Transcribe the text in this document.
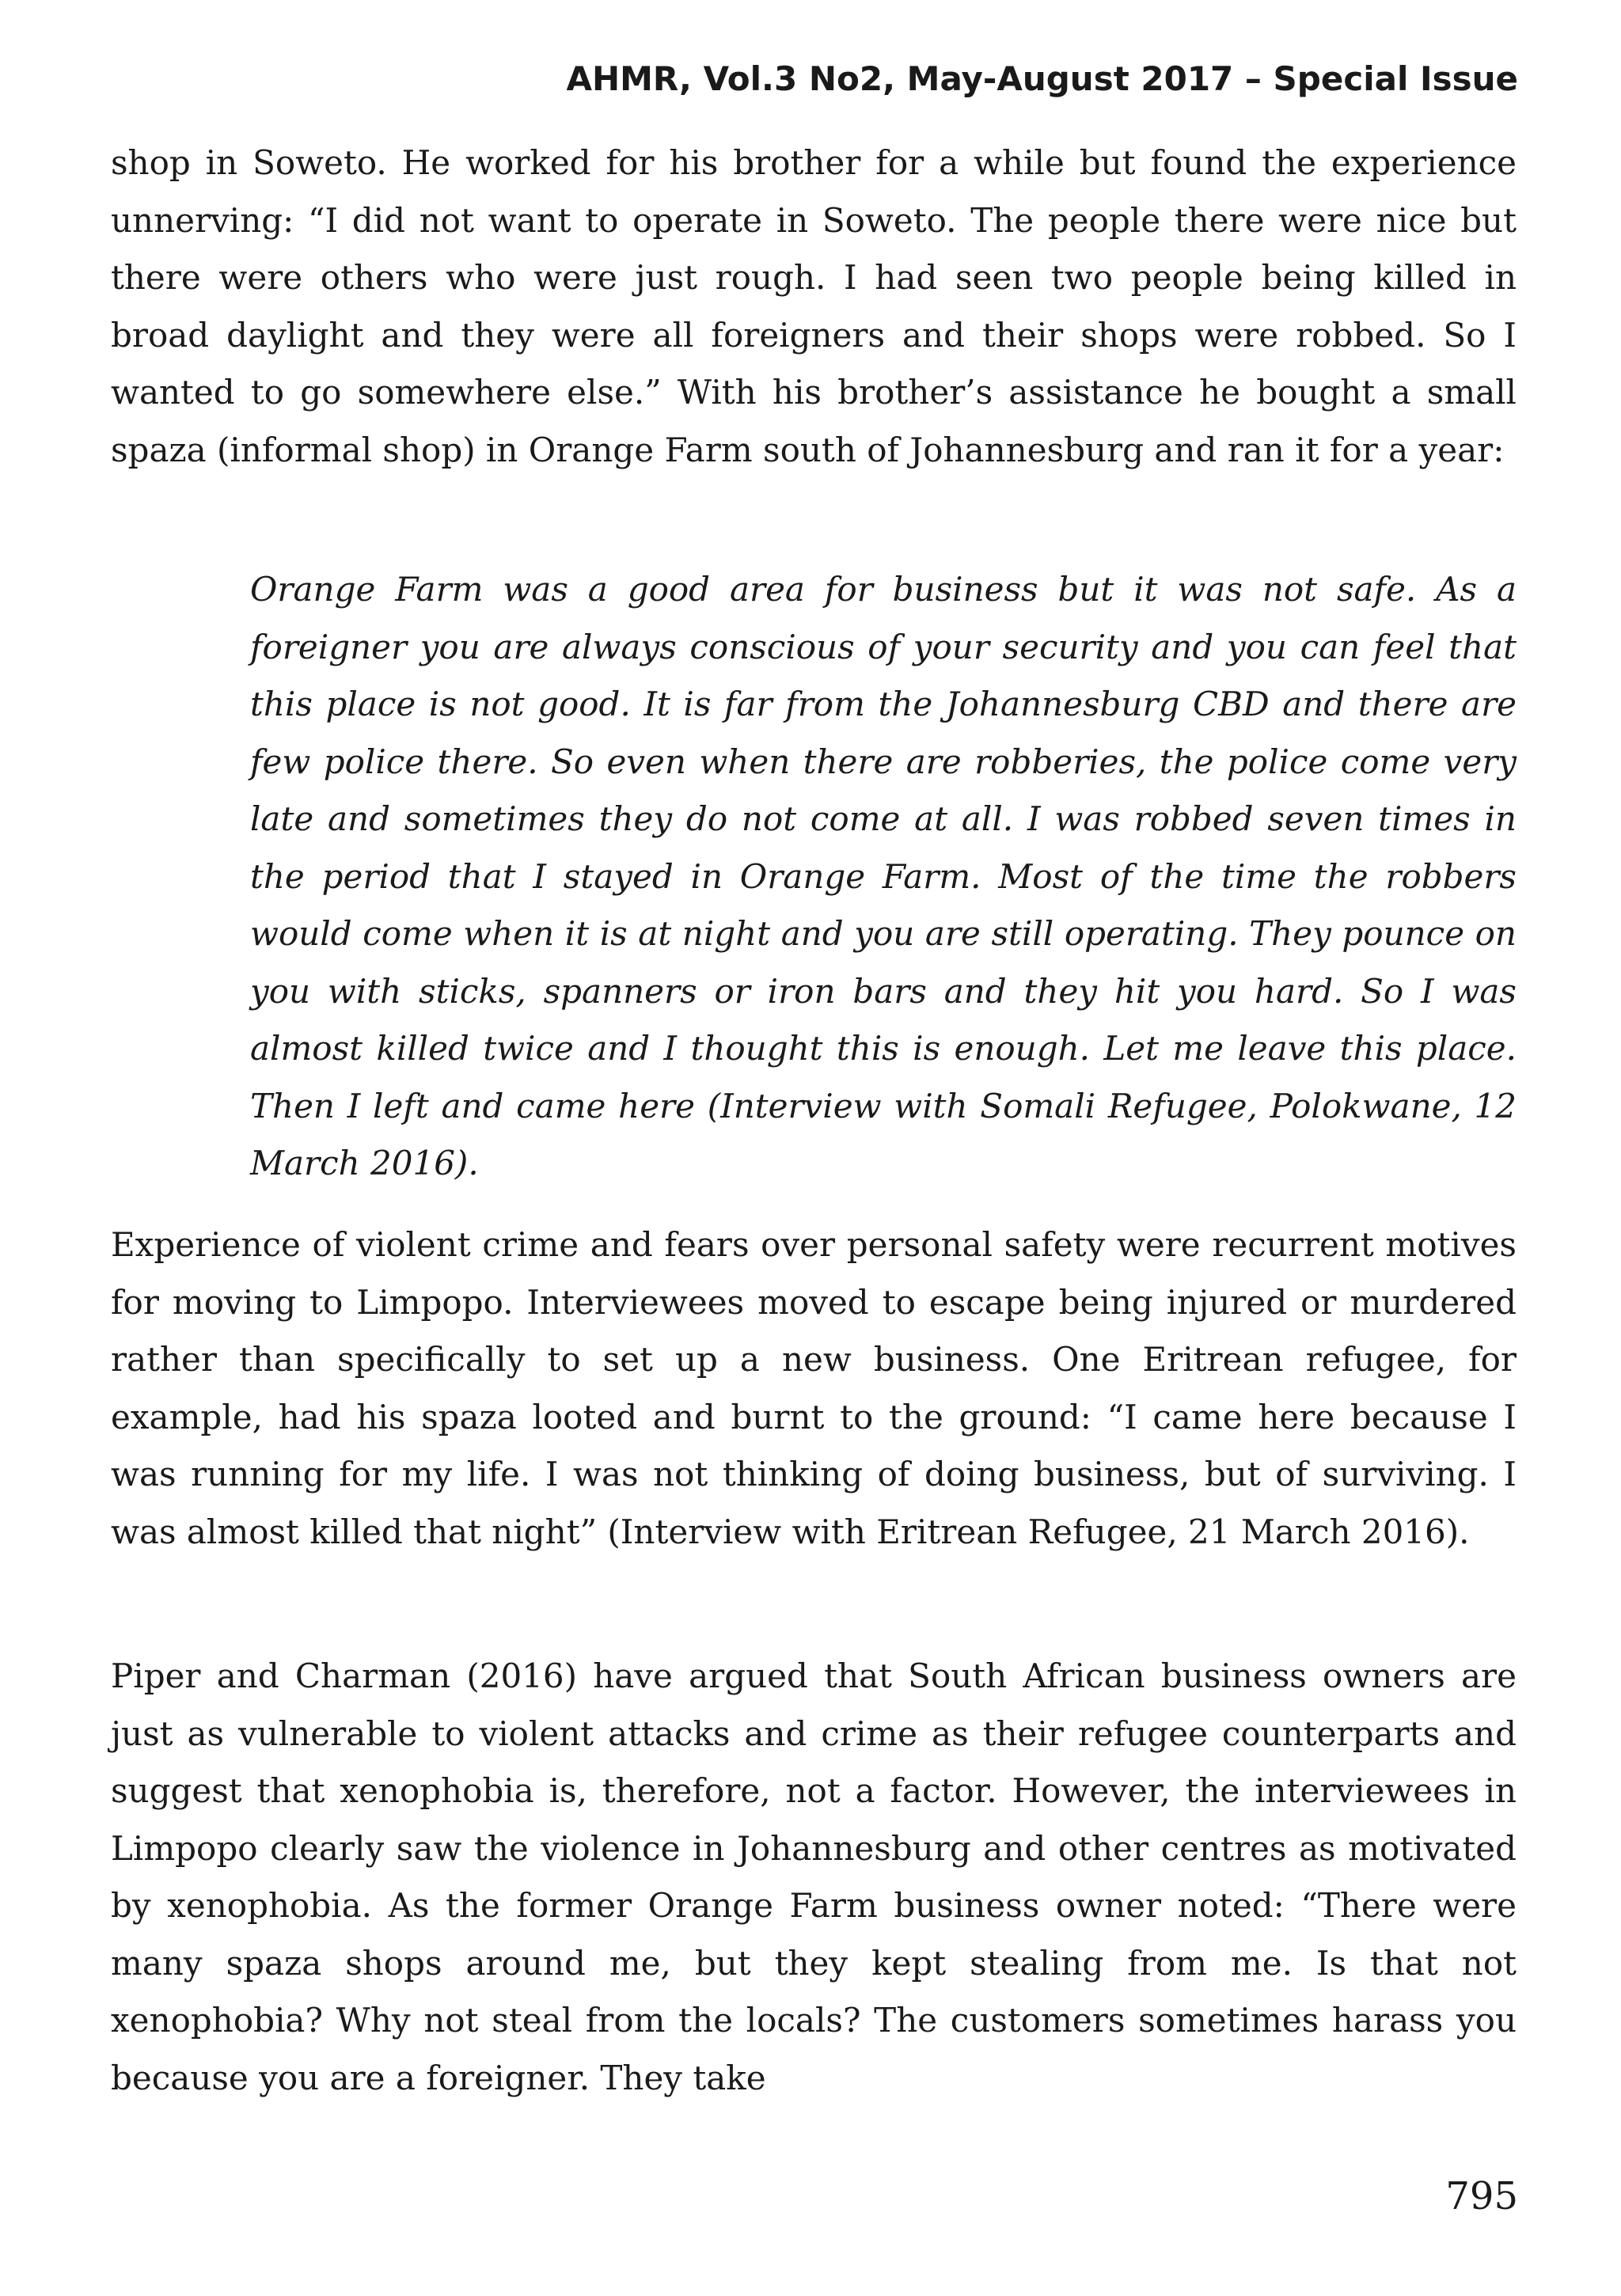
AHMR, Vol.3 No2, May-August 2017 – Special Issue

shop in Soweto. He worked for his brother for a while but found the experience unnerving: “I did not want to operate in Soweto. The people there were nice but there were others who were just rough. I had seen two people being killed in broad daylight and they were all foreigners and their shops were robbed. So I wanted to go somewhere else.” With his brother’s assistance he bought a small spaza (informal shop) in Orange Farm south of Johannesburg and ran it for a year:

Orange Farm was a good area for business but it was not safe. As a foreigner you are always conscious of your security and you can feel that this place is not good. It is far from the Johannesburg CBD and there are few police there. So even when there are robberies, the police come very late and sometimes they do not come at all. I was robbed seven times in the period that I stayed in Orange Farm. Most of the time the robbers would come when it is at night and you are still operating. They pounce on you with sticks, spanners or iron bars and they hit you hard. So I was almost killed twice and I thought this is enough. Let me leave this place. Then I left and came here (Interview with Somali Refugee, Polokwane, 12 March 2016).

Experience of violent crime and fears over personal safety were recurrent motives for moving to Limpopo. Interviewees moved to escape being injured or murdered rather than specifically to set up a new business. One Eritrean refugee, for example, had his spaza looted and burnt to the ground: “I came here because I was running for my life. I was not thinking of doing business, but of surviving. I was almost killed that night” (Interview with Eritrean Refugee, 21 March 2016).

Piper and Charman (2016) have argued that South African business owners are just as vulnerable to violent attacks and crime as their refugee counterparts and suggest that xenophobia is, therefore, not a factor. However, the interviewees in Limpopo clearly saw the violence in Johannesburg and other centres as motivated by xenophobia. As the former Orange Farm business owner noted: “There were many spaza shops around me, but they kept stealing from me. Is that not xenophobia? Why not steal from the locals? The customers sometimes harass you because you are a foreigner. They take

795
